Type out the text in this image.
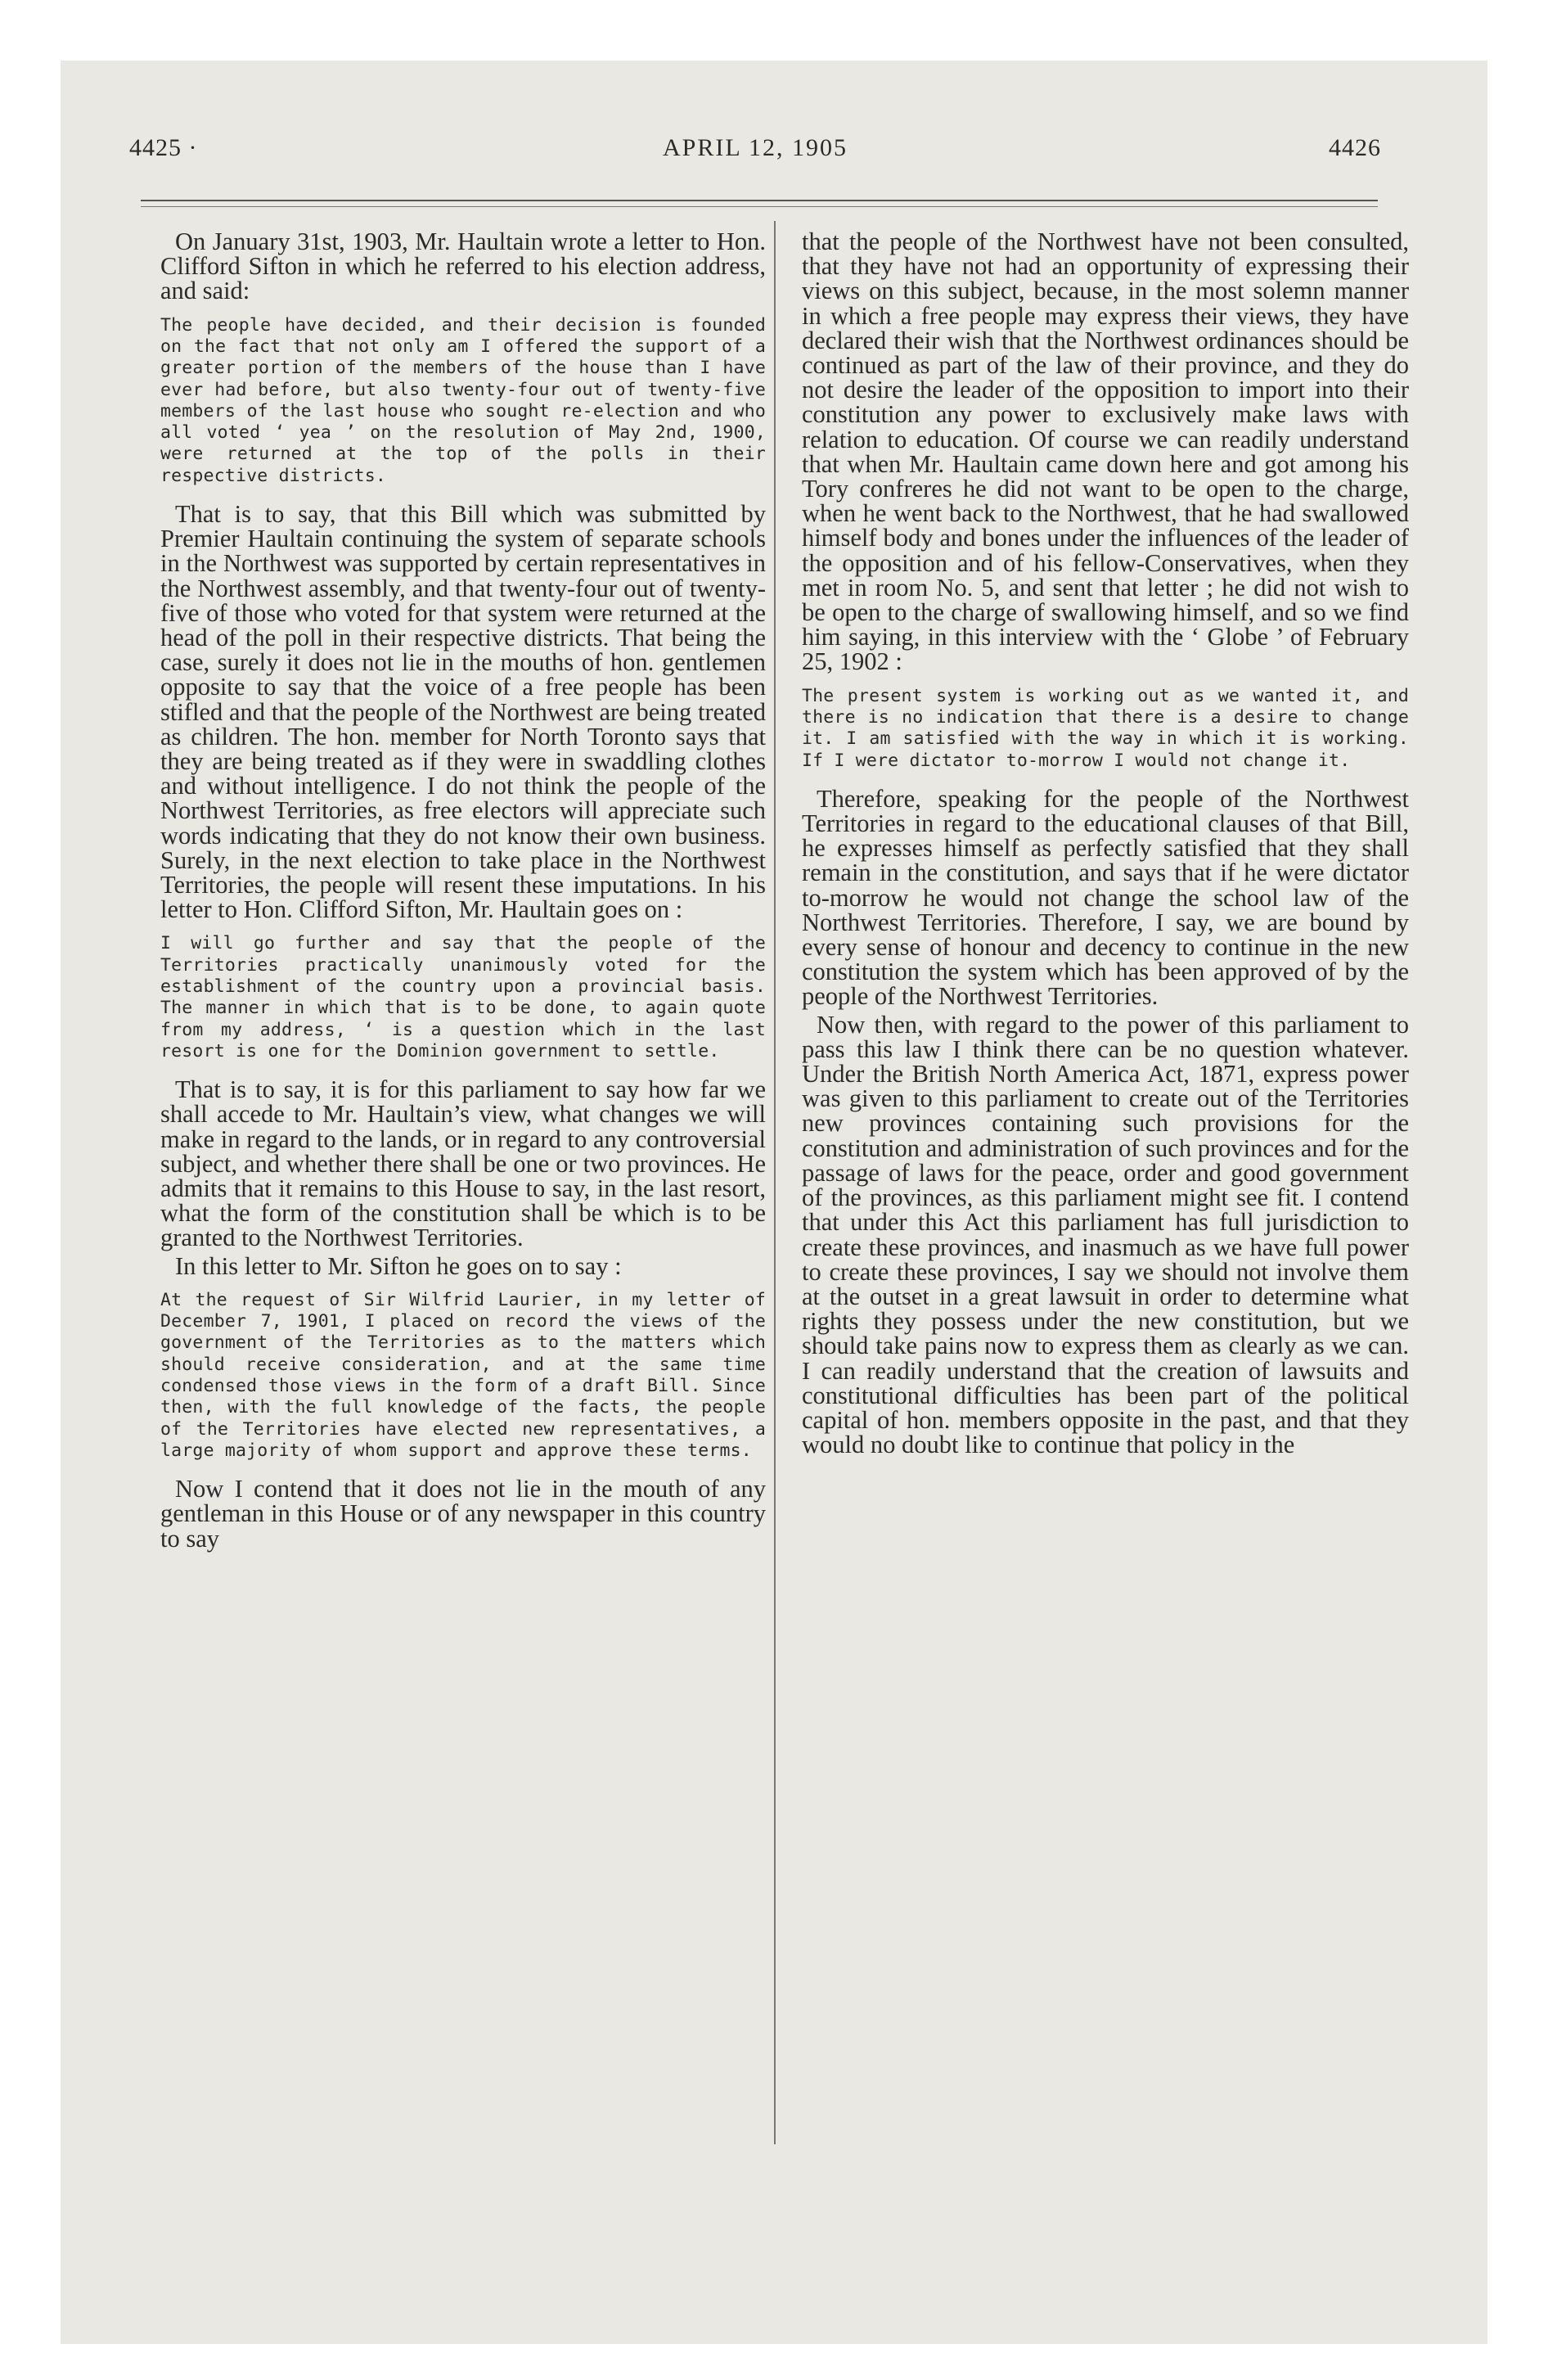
4425 ·	APRIL 12, 1905	4426

On January 31st, 1903, Mr. Haultain wrote a letter to Hon. Clifford Sifton in which he referred to his election address, and said:

The people have decided, and their decision is founded on the fact that not only am I offered the support of a greater portion of the members of the house than I have ever had before, but also twenty-four out of twenty-five members of the last house who sought re-election and who all voted ‘ yea ’ on the resolution of May 2nd, 1900, were returned at the top of the polls in their respective districts.

That is to say, that this Bill which was submitted by Premier Haultain continuing the system of separate schools in the Northwest was supported by certain representatives in the Northwest assembly, and that twenty-four out of twenty-five of those who voted for that system were returned at the head of the poll in their respective districts. That being the case, surely it does not lie in the mouths of hon. gentlemen opposite to say that the voice of a free people has been stifled and that the people of the Northwest are being treated as children. The hon. member for North Toronto says that they are being treated as if they were in swaddling clothes and without intelligence. I do not think the people of the Northwest Territories, as free electors will appreciate such words indicating that they do not know their own business. Surely, in the next election to take place in the Northwest Territories, the people will resent these imputations. In his letter to Hon. Clifford Sifton, Mr. Haultain goes on :

I will go further and say that the people of the Territories practically unanimously voted for the establishment of the country upon a provincial basis. The manner in which that is to be done, to again quote from my address, ‘ is a question which in the last resort is one for the Dominion government to settle.

That is to say, it is for this parliament to say how far we shall accede to Mr. Haultain’s view, what changes we will make in regard to the lands, or in regard to any controversial subject, and whether there shall be one or two provinces. He admits that it remains to this House to say, in the last resort, what the form of the constitution shall be which is to be granted to the Northwest Territories.

In this letter to Mr. Sifton he goes on to say :

At the request of Sir Wilfrid Laurier, in my letter of December 7, 1901, I placed on record the views of the government of the Territories as to the matters which should receive consideration, and at the same time condensed those views in the form of a draft Bill. Since then, with the full knowledge of the facts, the people of the Territories have elected new representatives, a large majority of whom support and approve these terms.

Now I contend that it does not lie in the mouth of any gentleman in this House or of any newspaper in this country to say

that the people of the Northwest have not been consulted, that they have not had an opportunity of expressing their views on this subject, because, in the most solemn manner in which a free people may express their views, they have declared their wish that the Northwest ordinances should be continued as part of the law of their province, and they do not desire the leader of the opposition to import into their constitution any power to exclusively make laws with relation to education. Of course we can readily understand that when Mr. Haultain came down here and got among his Tory confreres he did not want to be open to the charge, when he went back to the Northwest, that he had swallowed himself body and bones under the influences of the leader of the opposition and of his fellow-Conservatives, when they met in room No. 5, and sent that letter ; he did not wish to be open to the charge of swallowing himself, and so we find him saying, in this interview with the ‘ Globe ’ of February 25, 1902 :

The present system is working out as we wanted it, and there is no indication that there is a desire to change it. I am satisfied with the way in which it is working. If I were dictator to-morrow I would not change it.

Therefore, speaking for the people of the Northwest Territories in regard to the educational clauses of that Bill, he expresses himself as perfectly satisfied that they shall remain in the constitution, and says that if he were dictator to-morrow he would not change the school law of the Northwest Territories. Therefore, I say, we are bound by every sense of honour and decency to continue in the new constitution the system which has been approved of by the people of the Northwest Territories.

Now then, with regard to the power of this parliament to pass this law I think there can be no question whatever. Under the British North America Act, 1871, express power was given to this parliament to create out of the Territories new provinces containing such provisions for the constitution and administration of such provinces and for the passage of laws for the peace, order and good government of the provinces, as this parliament might see fit. I contend that under this Act this parliament has full jurisdiction to create these provinces, and inasmuch as we have full power to create these provinces, I say we should not involve them at the outset in a great lawsuit in order to determine what rights they possess under the new constitution, but we should take pains now to express them as clearly as we can. I can readily understand that the creation of lawsuits and constitutional difficulties has been part of the political capital of hon. members opposite in the past, and that they would no doubt like to continue that policy in the
